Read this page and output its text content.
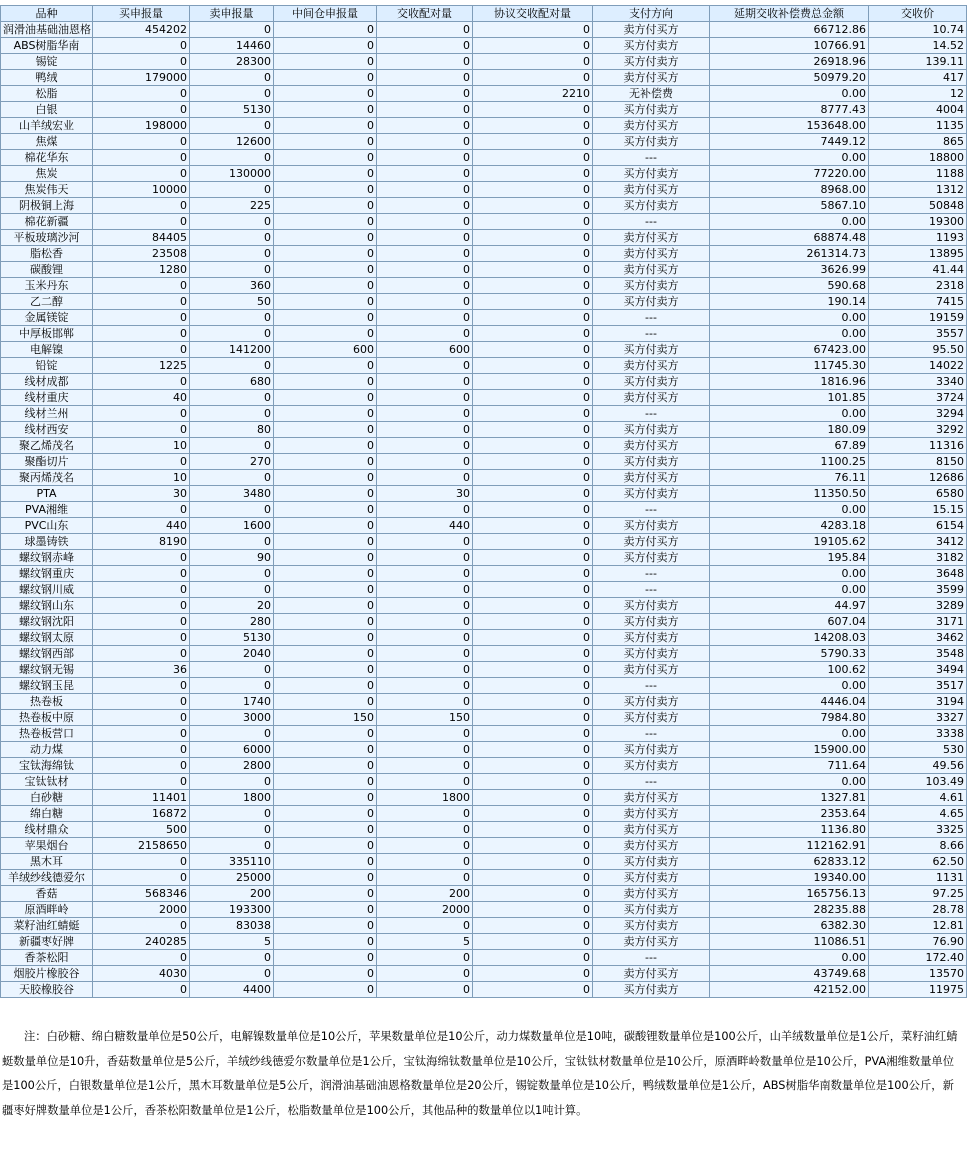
品种	买申报量	卖申报量	中间仓申报量	交收配对量	协议交收配对量	支付方向	延期交收补偿费总金额	交收价
润滑油基础油恩格	454202	0	0	0	0	卖方付买方	66712.86	10.74
ABS树脂华南	0	14460	0	0	0	买方付卖方	10766.91	14.52
锡锭	0	28300	0	0	0	买方付卖方	26918.96	139.11
鸭绒	179000	0	0	0	0	卖方付买方	50979.20	417
松脂	0	0	0	0	2210	无补偿费	0.00	12
白银	0	5130	0	0	0	买方付卖方	8777.43	4004
山羊绒宏业	198000	0	0	0	0	卖方付买方	153648.00	1135
焦煤	0	12600	0	0	0	买方付卖方	7449.12	865
棉花华东	0	0	0	0	0	---	0.00	18800
焦炭	0	130000	0	0	0	买方付卖方	77220.00	1188
焦炭伟天	10000	0	0	0	0	卖方付买方	8968.00	1312
阴极铜上海	0	225	0	0	0	买方付卖方	5867.10	50848
棉花新疆	0	0	0	0	0	---	0.00	19300
平板玻璃沙河	84405	0	0	0	0	卖方付买方	68874.48	1193
脂松香	23508	0	0	0	0	卖方付买方	261314.73	13895
碳酸锂	1280	0	0	0	0	卖方付买方	3626.99	41.44
玉米丹东	0	360	0	0	0	买方付卖方	590.68	2318
乙二醇	0	50	0	0	0	买方付卖方	190.14	7415
金属镁锭	0	0	0	0	0	---	0.00	19159
中厚板邯郸	0	0	0	0	0	---	0.00	3557
电解镍	0	141200	600	600	0	买方付卖方	67423.00	95.50
铅锭	1225	0	0	0	0	卖方付买方	11745.30	14022
线材成都	0	680	0	0	0	买方付卖方	1816.96	3340
线材重庆	40	0	0	0	0	卖方付买方	101.85	3724
线材兰州	0	0	0	0	0	---	0.00	3294
线材西安	0	80	0	0	0	买方付卖方	180.09	3292
聚乙烯茂名	10	0	0	0	0	卖方付买方	67.89	11316
聚酯切片	0	270	0	0	0	买方付卖方	1100.25	8150
聚丙烯茂名	10	0	0	0	0	卖方付买方	76.11	12686
PTA	30	3480	0	30	0	买方付卖方	11350.50	6580
PVA湘维	0	0	0	0	0	---	0.00	15.15
PVC山东	440	1600	0	440	0	买方付卖方	4283.18	6154
球墨铸铁	8190	0	0	0	0	卖方付买方	19105.62	3412
螺纹钢赤峰	0	90	0	0	0	买方付卖方	195.84	3182
螺纹钢重庆	0	0	0	0	0	---	0.00	3648
螺纹钢川威	0	0	0	0	0	---	0.00	3599
螺纹钢山东	0	20	0	0	0	买方付卖方	44.97	3289
螺纹钢沈阳	0	280	0	0	0	买方付卖方	607.04	3171
螺纹钢太原	0	5130	0	0	0	买方付卖方	14208.03	3462
螺纹钢西部	0	2040	0	0	0	买方付卖方	5790.33	3548
螺纹钢无锡	36	0	0	0	0	卖方付买方	100.62	3494
螺纹钢玉昆	0	0	0	0	0	---	0.00	3517
热卷板	0	1740	0	0	0	买方付卖方	4446.04	3194
热卷板中原	0	3000	150	150	0	买方付卖方	7984.80	3327
热卷板营口	0	0	0	0	0	---	0.00	3338
动力煤	0	6000	0	0	0	买方付卖方	15900.00	530
宝钛海绵钛	0	2800	0	0	0	买方付卖方	711.64	49.56
宝钛钛材	0	0	0	0	0	---	0.00	103.49
白砂糖	11401	1800	0	1800	0	卖方付买方	1327.81	4.61
绵白糖	16872	0	0	0	0	卖方付买方	2353.64	4.65
线材鼎众	500	0	0	0	0	卖方付买方	1136.80	3325
苹果烟台	2158650	0	0	0	0	卖方付买方	112162.91	8.66
黑木耳	0	335110	0	0	0	买方付卖方	62833.12	62.50
羊绒纱线德爱尔	0	25000	0	0	0	买方付卖方	19340.00	1131
香菇	568346	200	0	200	0	卖方付买方	165756.13	97.25
原酒畔岭	2000	193300	0	2000	0	买方付卖方	28235.88	28.78
菜籽油红蜻蜓	0	83038	0	0	0	买方付卖方	6382.30	12.81
新疆枣好牌	240285	5	0	5	0	卖方付买方	11086.51	76.90
香茶松阳	0	0	0	0	0	---	0.00	172.40
烟胶片橡胶谷	4030	0	0	0	0	卖方付买方	43749.68	13570
天胶橡胶谷	0	4400	0	0	0	买方付卖方	42152.00	11975

注：白砂糖、绵白糖数量单位是50公斤，电解镍数量单位是10公斤，苹果数量单位是10公斤，动力煤数量单位是10吨，碳酸锂数量单位是100公斤，山羊绒数量单位是1公斤，菜籽油红蜻蜓数量单位是10升，香菇数量单位是5公斤，羊绒纱线德爱尔数量单位是1公斤，宝钛海绵钛数量单位是10公斤，宝钛钛材数量单位是10公斤，原酒畔岭数量单位是10公斤，PVA湘维数量单位是100公斤，白银数量单位是1公斤，黑木耳数量单位是5公斤，润滑油基础油恩格数量单位是20公斤，锡锭数量单位是10公斤，鸭绒数量单位是1公斤，ABS树脂华南数量单位是100公斤，新疆枣好牌数量单位是1公斤，香茶松阳数量单位是1公斤，松脂数量单位是100公斤，其他品种的数量单位以1吨计算。
